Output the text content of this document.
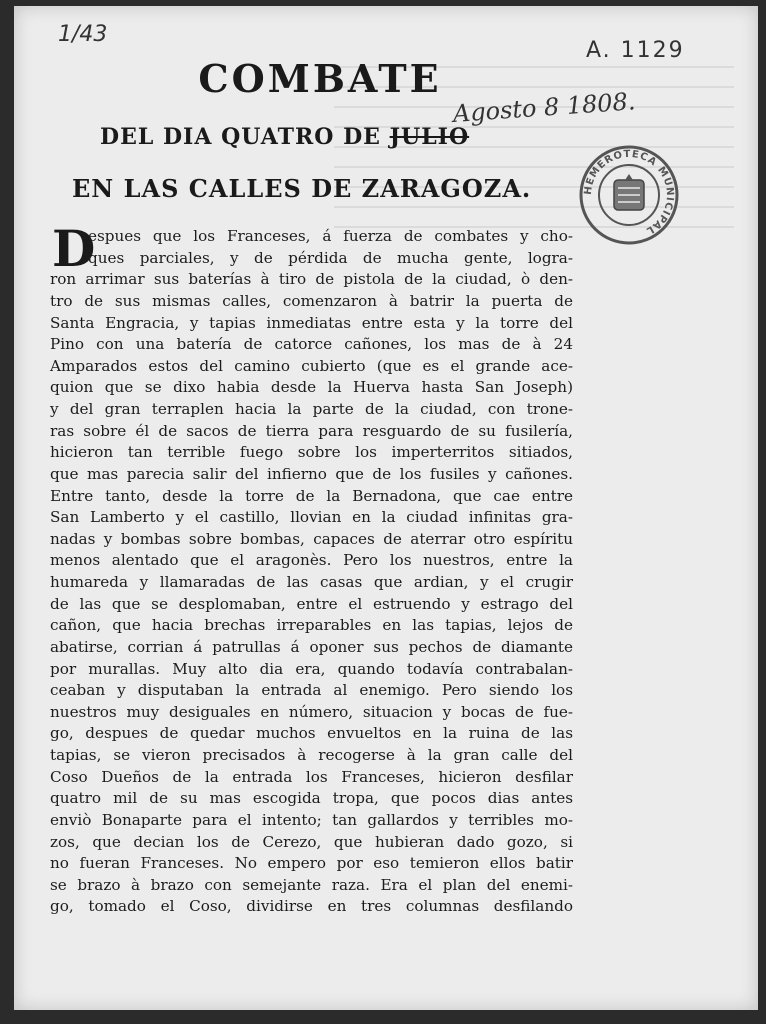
1/43
A. 1129
Agosto 8 1808.
COMBATE
DEL DIA QUATRO DE JULIO
EN LAS CALLES DE ZARAGOZA.	HEMEROTECA MUNICIPAL
D
espues que los Franceses, á fuerza de combates y cho-
ques parciales, y de pérdida de mucha gente, logra-
ron arrimar sus baterías à tiro de pistola de la ciudad, ò den-
tro de sus mismas calles, comenzaron à batrir la puerta de
Santa Engracia, y tapias inmediatas entre esta y la torre del
Pino con una batería de catorce cañones, los mas de à 24
Amparados estos del camino cubierto (que es el grande ace-
quion que se dixo habia desde la Huerva hasta San Joseph)
y del gran terraplen hacia la parte de la ciudad, con trone-
ras sobre él de sacos de tierra para resguardo de su fusilería,
hicieron tan terrible fuego sobre los imperterritos sitiados,
que mas parecia salir del infierno que de los fusiles y cañones.
Entre tanto, desde la torre de la Bernadona, que cae entre
San Lamberto y el castillo, llovian en la ciudad infinitas gra-
nadas y bombas sobre bombas, capaces de aterrar otro espíritu
menos alentado que el aragonès. Pero los nuestros, entre la
humareda y llamaradas de las casas que ardian, y el crugir
de las que se desplomaban, entre el estruendo y estrago del
cañon, que hacia brechas irreparables en las tapias, lejos de
abatirse, corrian á patrullas á oponer sus pechos de diamante
por murallas. Muy alto dia era, quando todavía contrabalan-
ceaban y disputaban la entrada al enemigo. Pero siendo los
nuestros muy desiguales en número, situacion y bocas de fue-
go, despues de quedar muchos envueltos en la ruina de las
tapias, se vieron precisados à recogerse à la gran calle del
Coso Dueños de la entrada los Franceses, hicieron desfilar
quatro mil de su mas escogida tropa, que pocos dias antes
enviò Bonaparte para el intento; tan gallardos y terribles mo-
zos, que decian los de Cerezo, que hubieran dado gozo, si
no fueran Franceses. No empero por eso temieron ellos batir
se brazo à brazo con semejante raza. Era el plan del enemi-
go, tomado el Coso, dividirse en tres columnas desfilando
